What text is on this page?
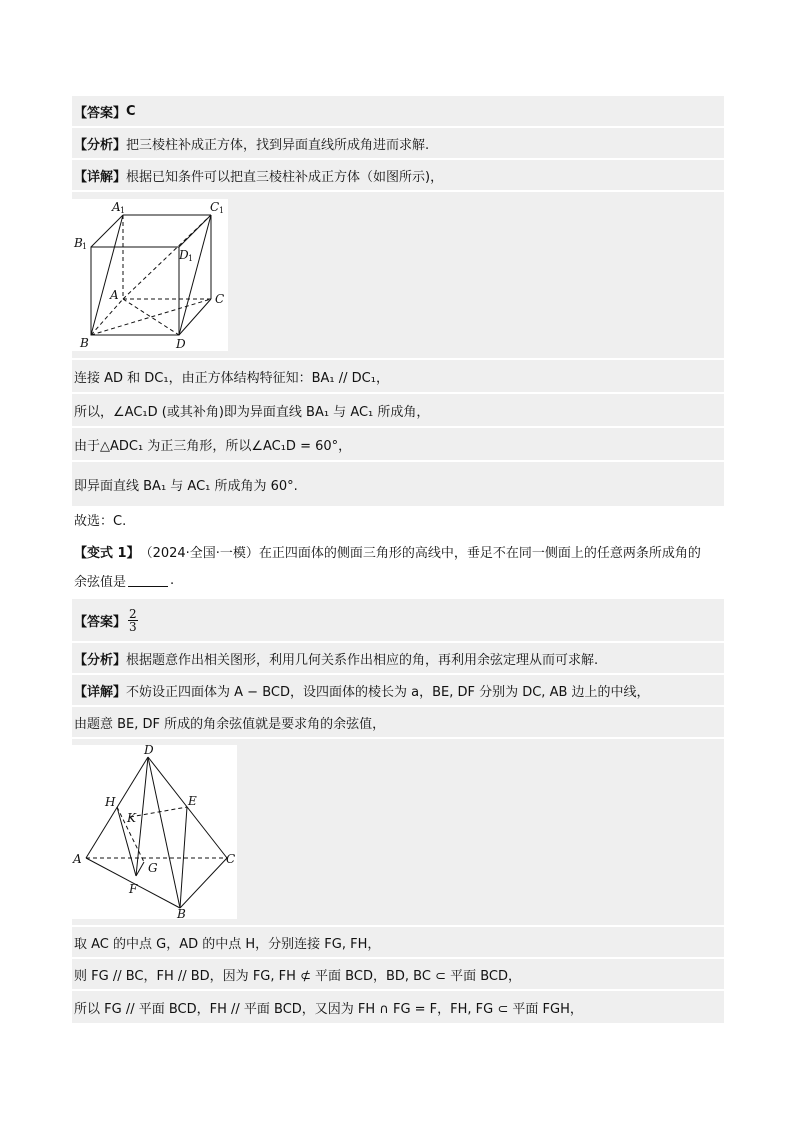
【答案】 C
【分析】 把三棱柱补成正方体，找到异面直线所成角进而求解.
【详解】 根据已知条件可以把直三棱柱补成正方体（如图所示)，
A 1	C 1
B 1
D 1
A	C
B	D
连接 AD 和 DC₁，由正方体结构特征知：BA₁ // DC₁，
所以，∠AC₁D (或其补角)即为异面直线 BA₁ 与 AC₁ 所成角，
由于△ADC₁ 为正三角形，所以∠AC₁D = 60°，
即异面直线 BA₁ 与 AC₁ 所成角为 60°.
故选：C.
【变式 1】 （2024·全国·一模）在正四面体的侧面三角形的高线中，垂足不在同一侧面上的任意两条所成角的
余弦值是	.
【答案】 $\frac{2}{3}$
【分析】 根据题意作出相关图形，利用几何关系作出相应的角，再利用余弦定理从而可求解.
【详解】 不妨设正四面体为 A − BCD，设四面体的棱长为 a，BE, DF 分别为 DC, AB 边上的中线，
由题意 BE, DF 所成的角余弦值就是要求角的余弦值，
D
H	E
K
A	C
G
F
B
取 AC 的中点 G，AD 的中点 H，分别连接 FG, FH，
则 FG // BC，FH // BD，因为 FG, FH ⊄ 平面 BCD，BD, BC ⊂ 平面 BCD，
所以 FG // 平面 BCD，FH // 平面 BCD，又因为 FH ∩ FG = F，FH, FG ⊂ 平面 FGH，
